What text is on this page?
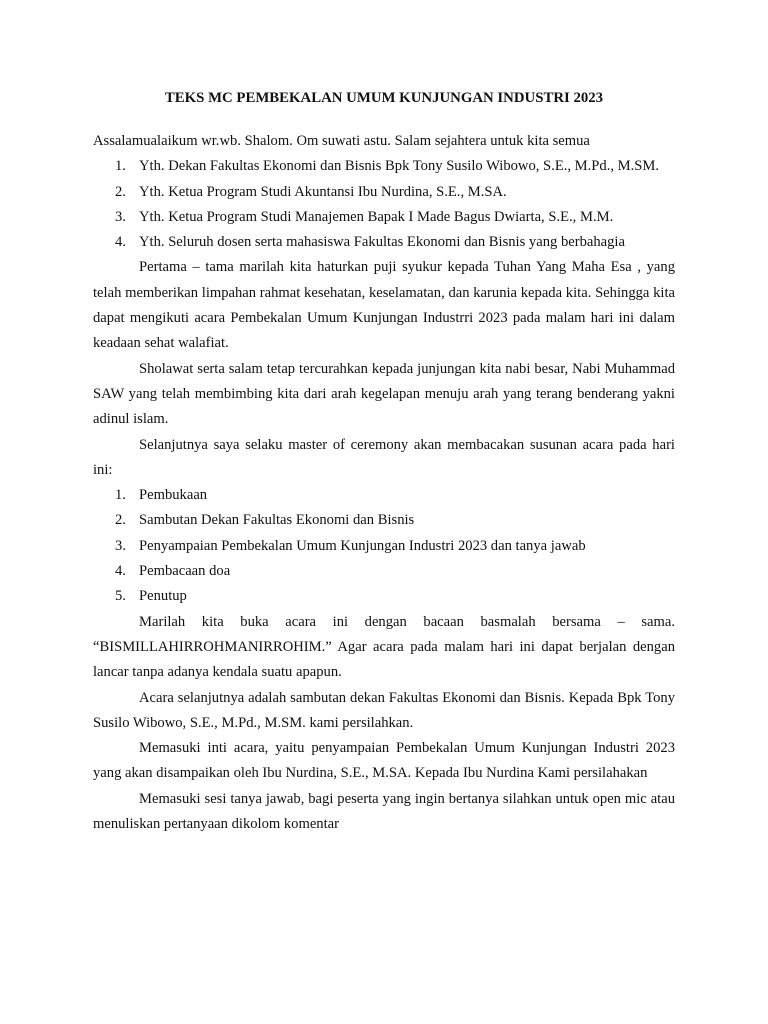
TEKS MC PEMBEKALAN UMUM KUNJUNGAN INDUSTRI 2023

Assalamualaikum wr.wb. Shalom. Om suwati astu. Salam sejahtera untuk kita semua

1. Yth. Dekan Fakultas Ekonomi dan Bisnis Bpk Tony Susilo Wibowo, S.E., M.Pd., M.SM.
2. Yth. Ketua Program Studi Akuntansi Ibu Nurdina, S.E., M.SA.
3. Yth. Ketua Program Studi Manajemen Bapak I Made Bagus Dwiarta, S.E., M.M.
4. Yth. Seluruh dosen serta mahasiswa Fakultas Ekonomi dan Bisnis yang berbahagia

Pertama – tama marilah kita haturkan puji syukur kepada Tuhan Yang Maha Esa , yang telah memberikan limpahan rahmat kesehatan, keselamatan, dan karunia kepada kita. Sehingga kita dapat mengikuti acara Pembekalan Umum Kunjungan Industrri 2023 pada malam hari ini dalam keadaan sehat walafiat.

Sholawat serta salam tetap tercurahkan kepada junjungan kita nabi besar, Nabi Muhammad SAW yang telah membimbing kita dari arah kegelapan menuju arah yang terang benderang yakni adinul islam.

Selanjutnya saya selaku master of ceremony akan membacakan susunan acara pada hari ini:

1. Pembukaan
2. Sambutan Dekan Fakultas Ekonomi dan Bisnis
3. Penyampaian Pembekalan Umum Kunjungan Industri 2023 dan tanya jawab
4. Pembacaan doa
5. Penutup

Marilah kita buka acara ini dengan bacaan basmalah bersama – sama. “BISMILLAHIRROHMANIRROHIM.” Agar acara pada malam hari ini dapat berjalan dengan lancar tanpa adanya kendala suatu apapun.

Acara selanjutnya adalah sambutan dekan Fakultas Ekonomi dan Bisnis. Kepada Bpk Tony Susilo Wibowo, S.E., M.Pd., M.SM. kami persilahkan.

Memasuki inti acara, yaitu penyampaian Pembekalan Umum Kunjungan Industri 2023 yang akan disampaikan oleh Ibu Nurdina, S.E., M.SA. Kepada Ibu Nurdina Kami persilahakan

Memasuki sesi tanya jawab, bagi peserta yang ingin bertanya silahkan untuk open mic atau menuliskan pertanyaan dikolom komentar
